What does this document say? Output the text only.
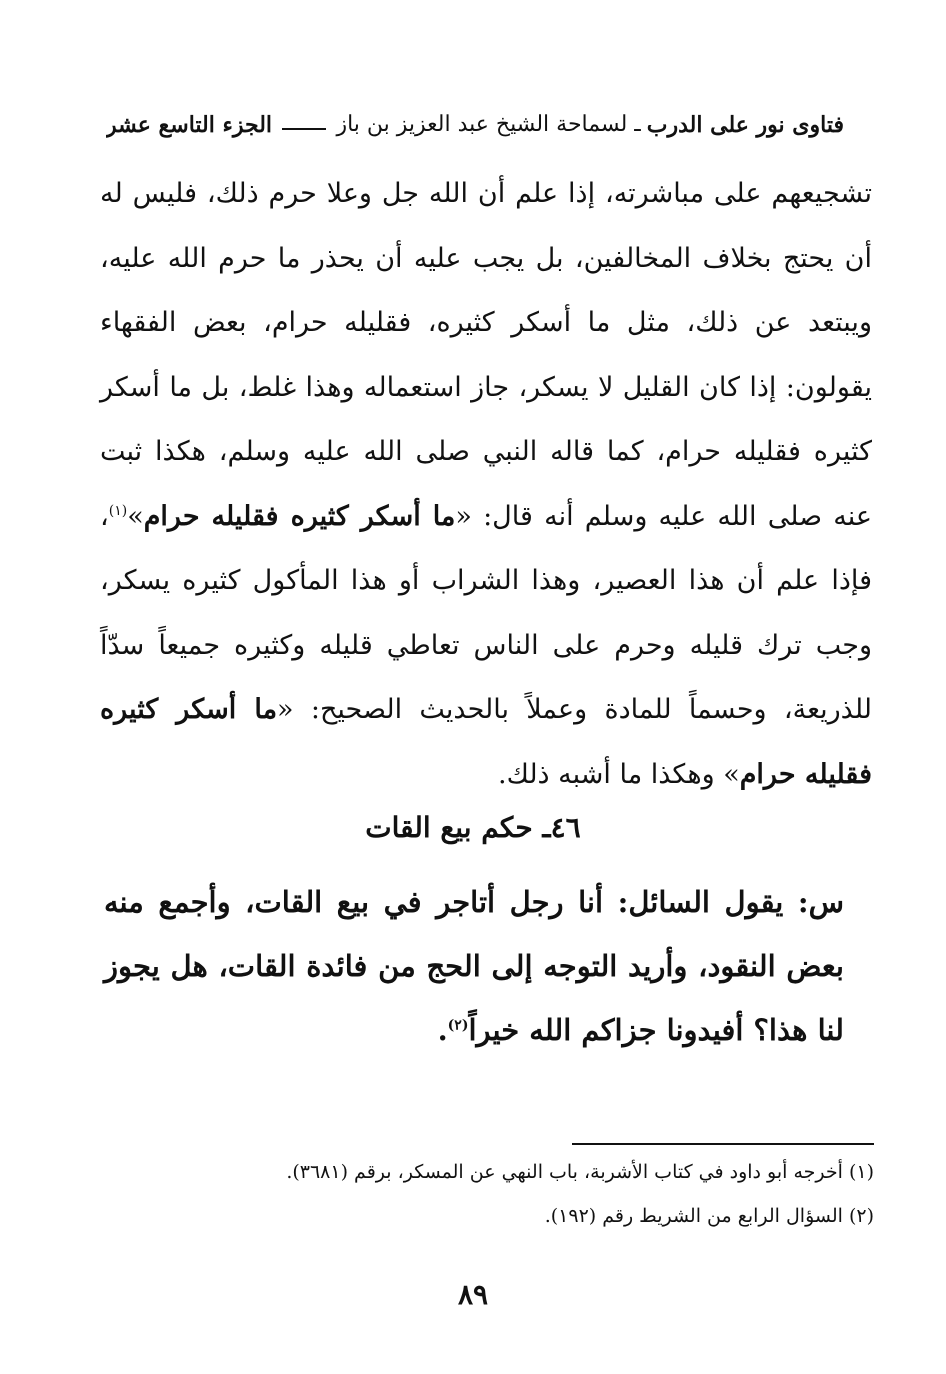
فتاوى نور على الدرب
ـ لسماحة الشيخ عبد العزيز بن باز
الجزء التاسع عشر

تشجيعهم على مباشرته، إذا علم أن الله جل وعلا حرم ذلك، فليس له أن يحتج بخلاف المخالفين، بل يجب عليه أن يحذر ما حرم الله عليه، ويبتعد عن ذلك، مثل ما أسكر كثيره، فقليله حرام، بعض الفقهاء يقولون: إذا كان القليل لا يسكر، جاز استعماله وهذا غلط، بل ما أسكر كثيره فقليله حرام، كما قاله النبي صلى الله عليه وسلم، هكذا ثبت عنه صلى الله عليه وسلم أنه قال: «ما أسكر كثيره فقليله حرام»$^{(١)}$، فإذا علم أن هذا العصير، وهذا الشراب أو هذا المأكول كثيره يسكر، وجب ترك قليله وحرم على الناس تعاطي قليله وكثيره جميعاً سدّاً للذريعة، وحسماً للمادة وعملاً بالحديث الصحيح: «ما أسكر كثيره فقليله حرام» وهكذا ما أشبه ذلك.

٤٦ـ حكم بيع القات
س: يقول السائل: أنا رجل أتاجر في بيع القات، وأجمع منه بعض النقود، وأريد التوجه إلى الحج من فائدة القات، هل يجوز لنا هذا؟ أفيدونا جزاكم الله خيراً$^{(٢)}$.
(١) أخرجه أبو داود في كتاب الأشربة، باب النهي عن المسكر، برقم (٣٦٨١).
(٢) السؤال الرابع من الشريط رقم (١٩٢).
٨٩
